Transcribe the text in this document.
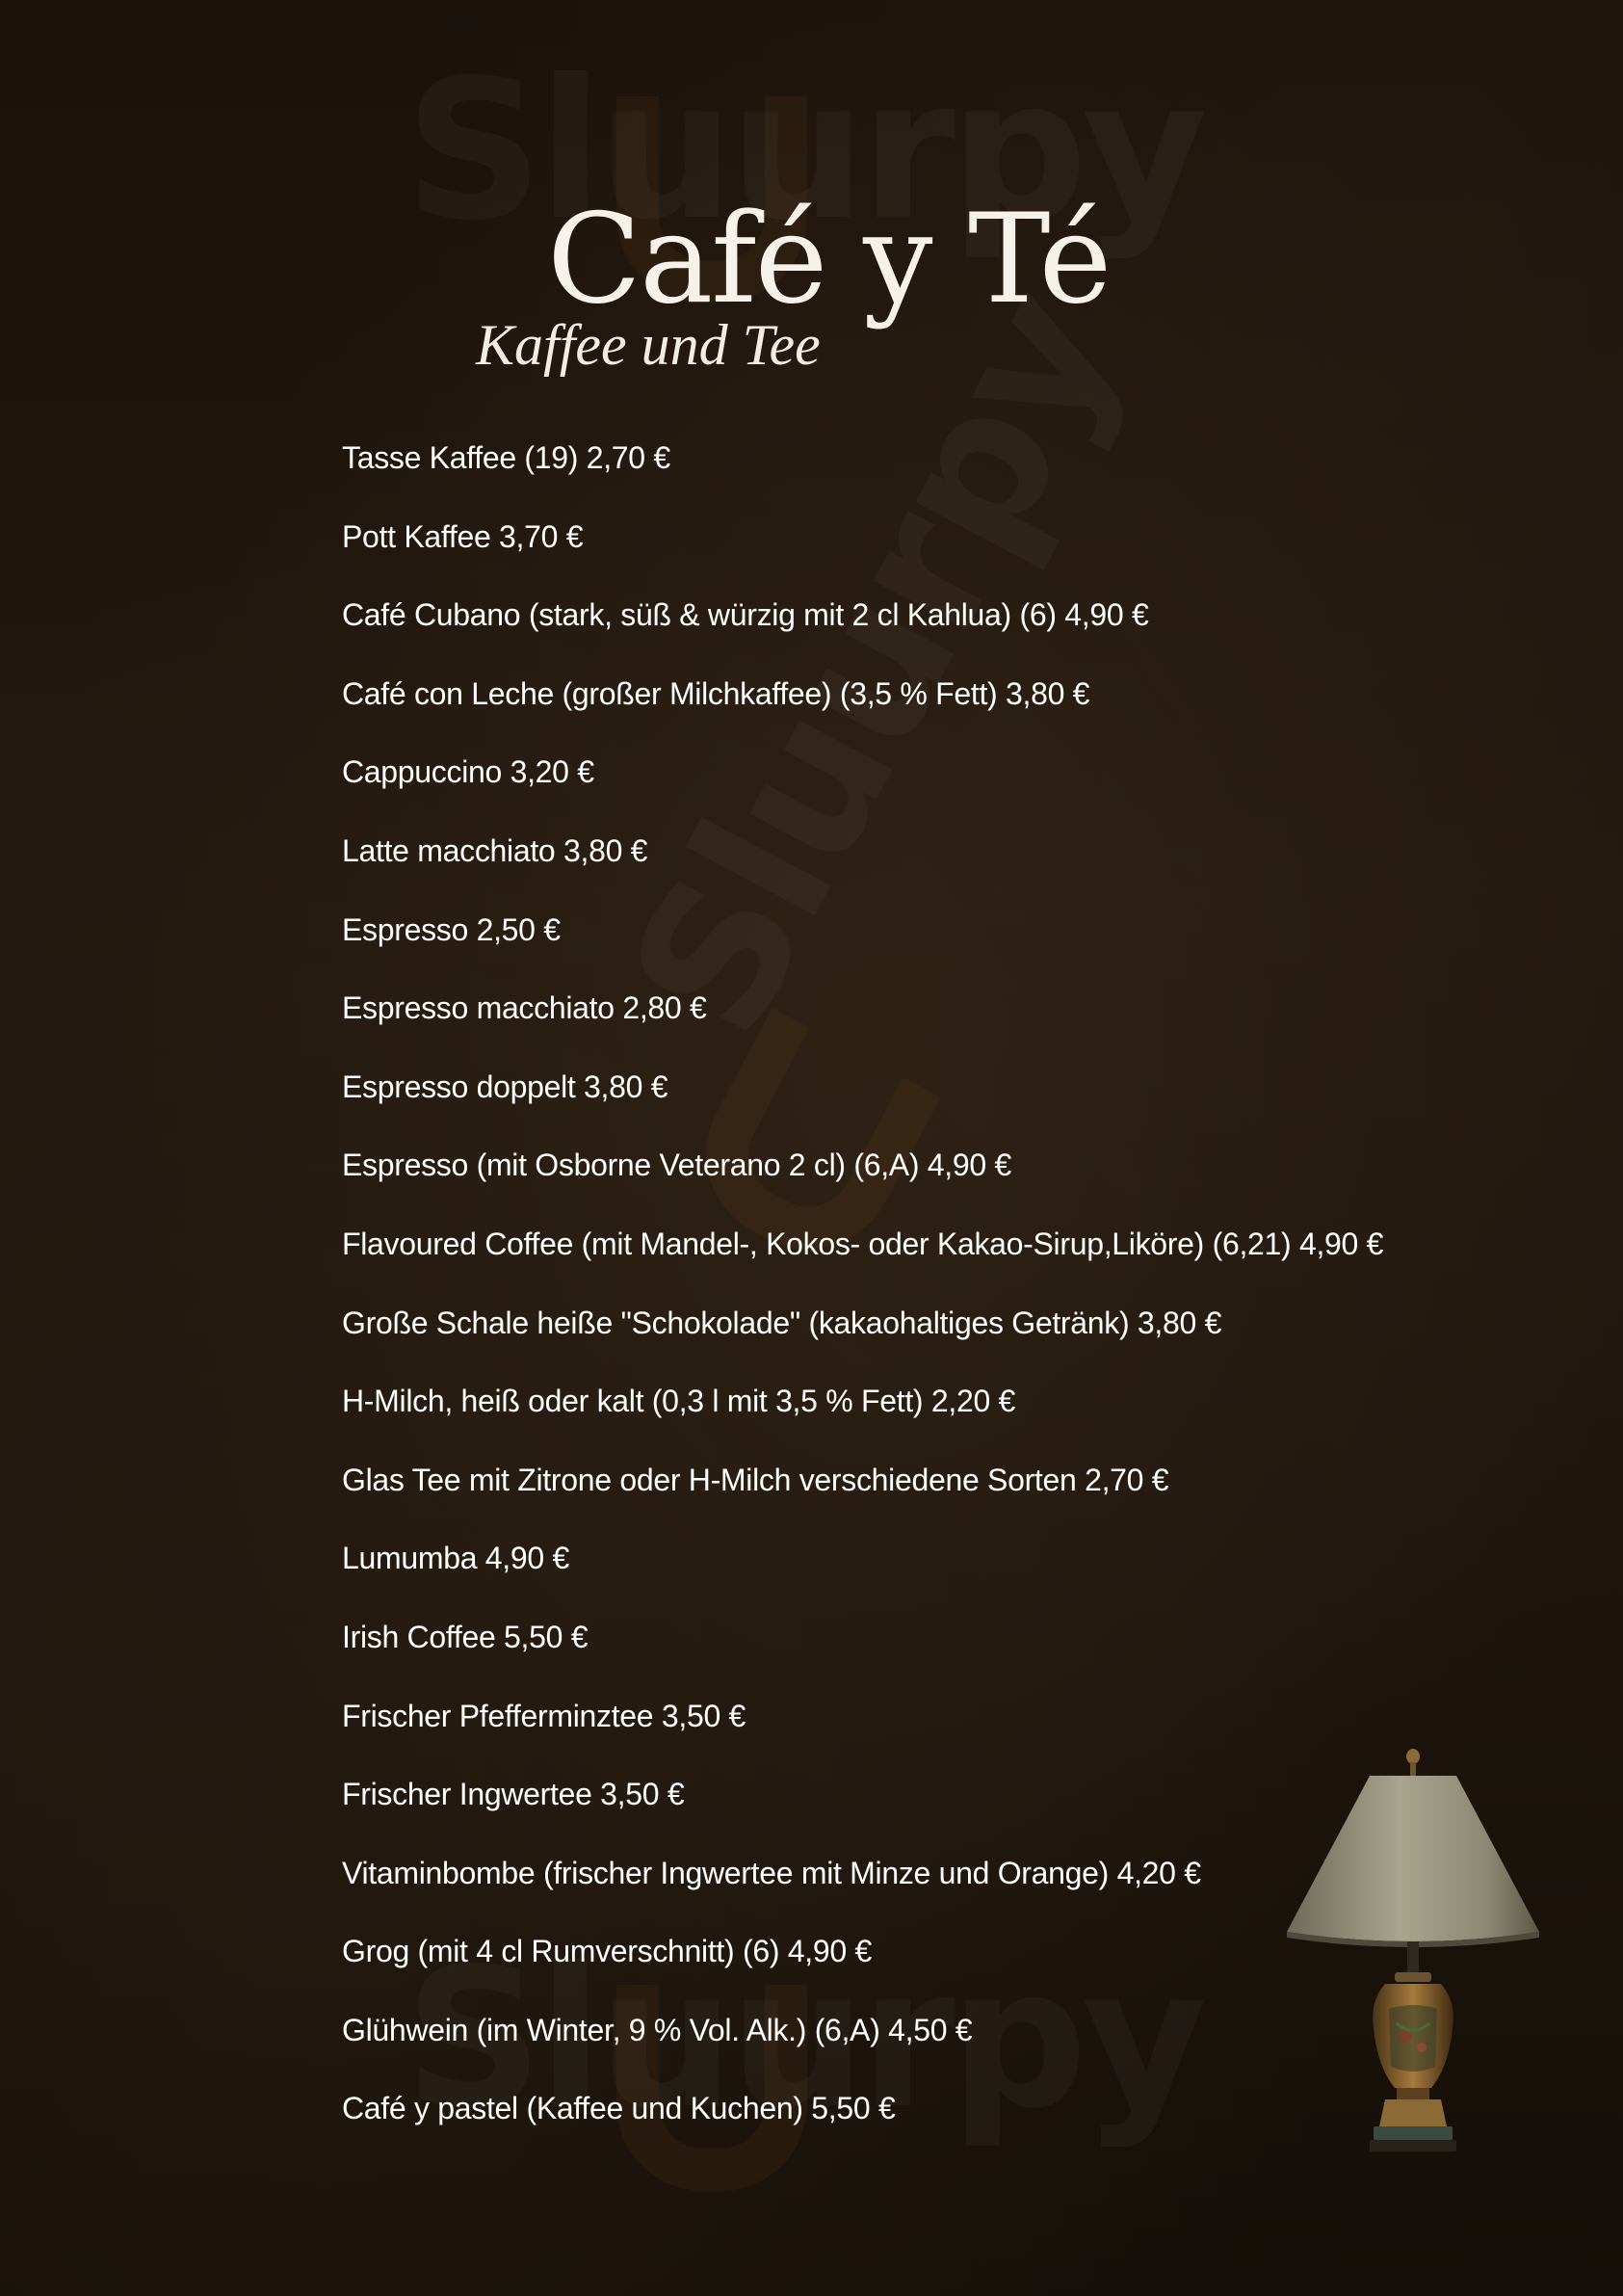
Café y Té
Kaffee und Tee
Tasse Kaffee (19) 2,70 €
Pott Kaffee 3,70 €
Café Cubano (stark, süß & würzig mit 2 cl Kahlua) (6) 4,90 €
Café con Leche (großer Milchkaffee) (3,5 % Fett) 3,80 €
Cappuccino 3,20 €
Latte macchiato 3,80 €
Espresso 2,50 €
Espresso macchiato 2,80 €
Espresso doppelt 3,80 €
Espresso (mit Osborne Veterano 2 cl) (6,A) 4,90 €
Flavoured Coffee (mit Mandel-, Kokos- oder Kakao-Sirup,Liköre) (6,21) 4,90 €
Große Schale heiße "Schokolade" (kakaohaltiges Getränk) 3,80 €
H-Milch, heiß oder kalt (0,3 l mit 3,5 % Fett) 2,20 €
Glas Tee mit Zitrone oder H-Milch verschiedene Sorten 2,70 €
Lumumba 4,90 €
Irish Coffee 5,50 €
Frischer Pfefferminztee 3,50 €
Frischer Ingwertee 3,50 €
Vitaminbombe (frischer Ingwertee mit Minze und Orange) 4,20 €
Grog (mit 4 cl Rumverschnitt) (6) 4,90 €
Glühwein (im Winter, 9 % Vol. Alk.) (6,A) 4,50 €
Café y pastel (Kaffee und Kuchen) 5,50 €
